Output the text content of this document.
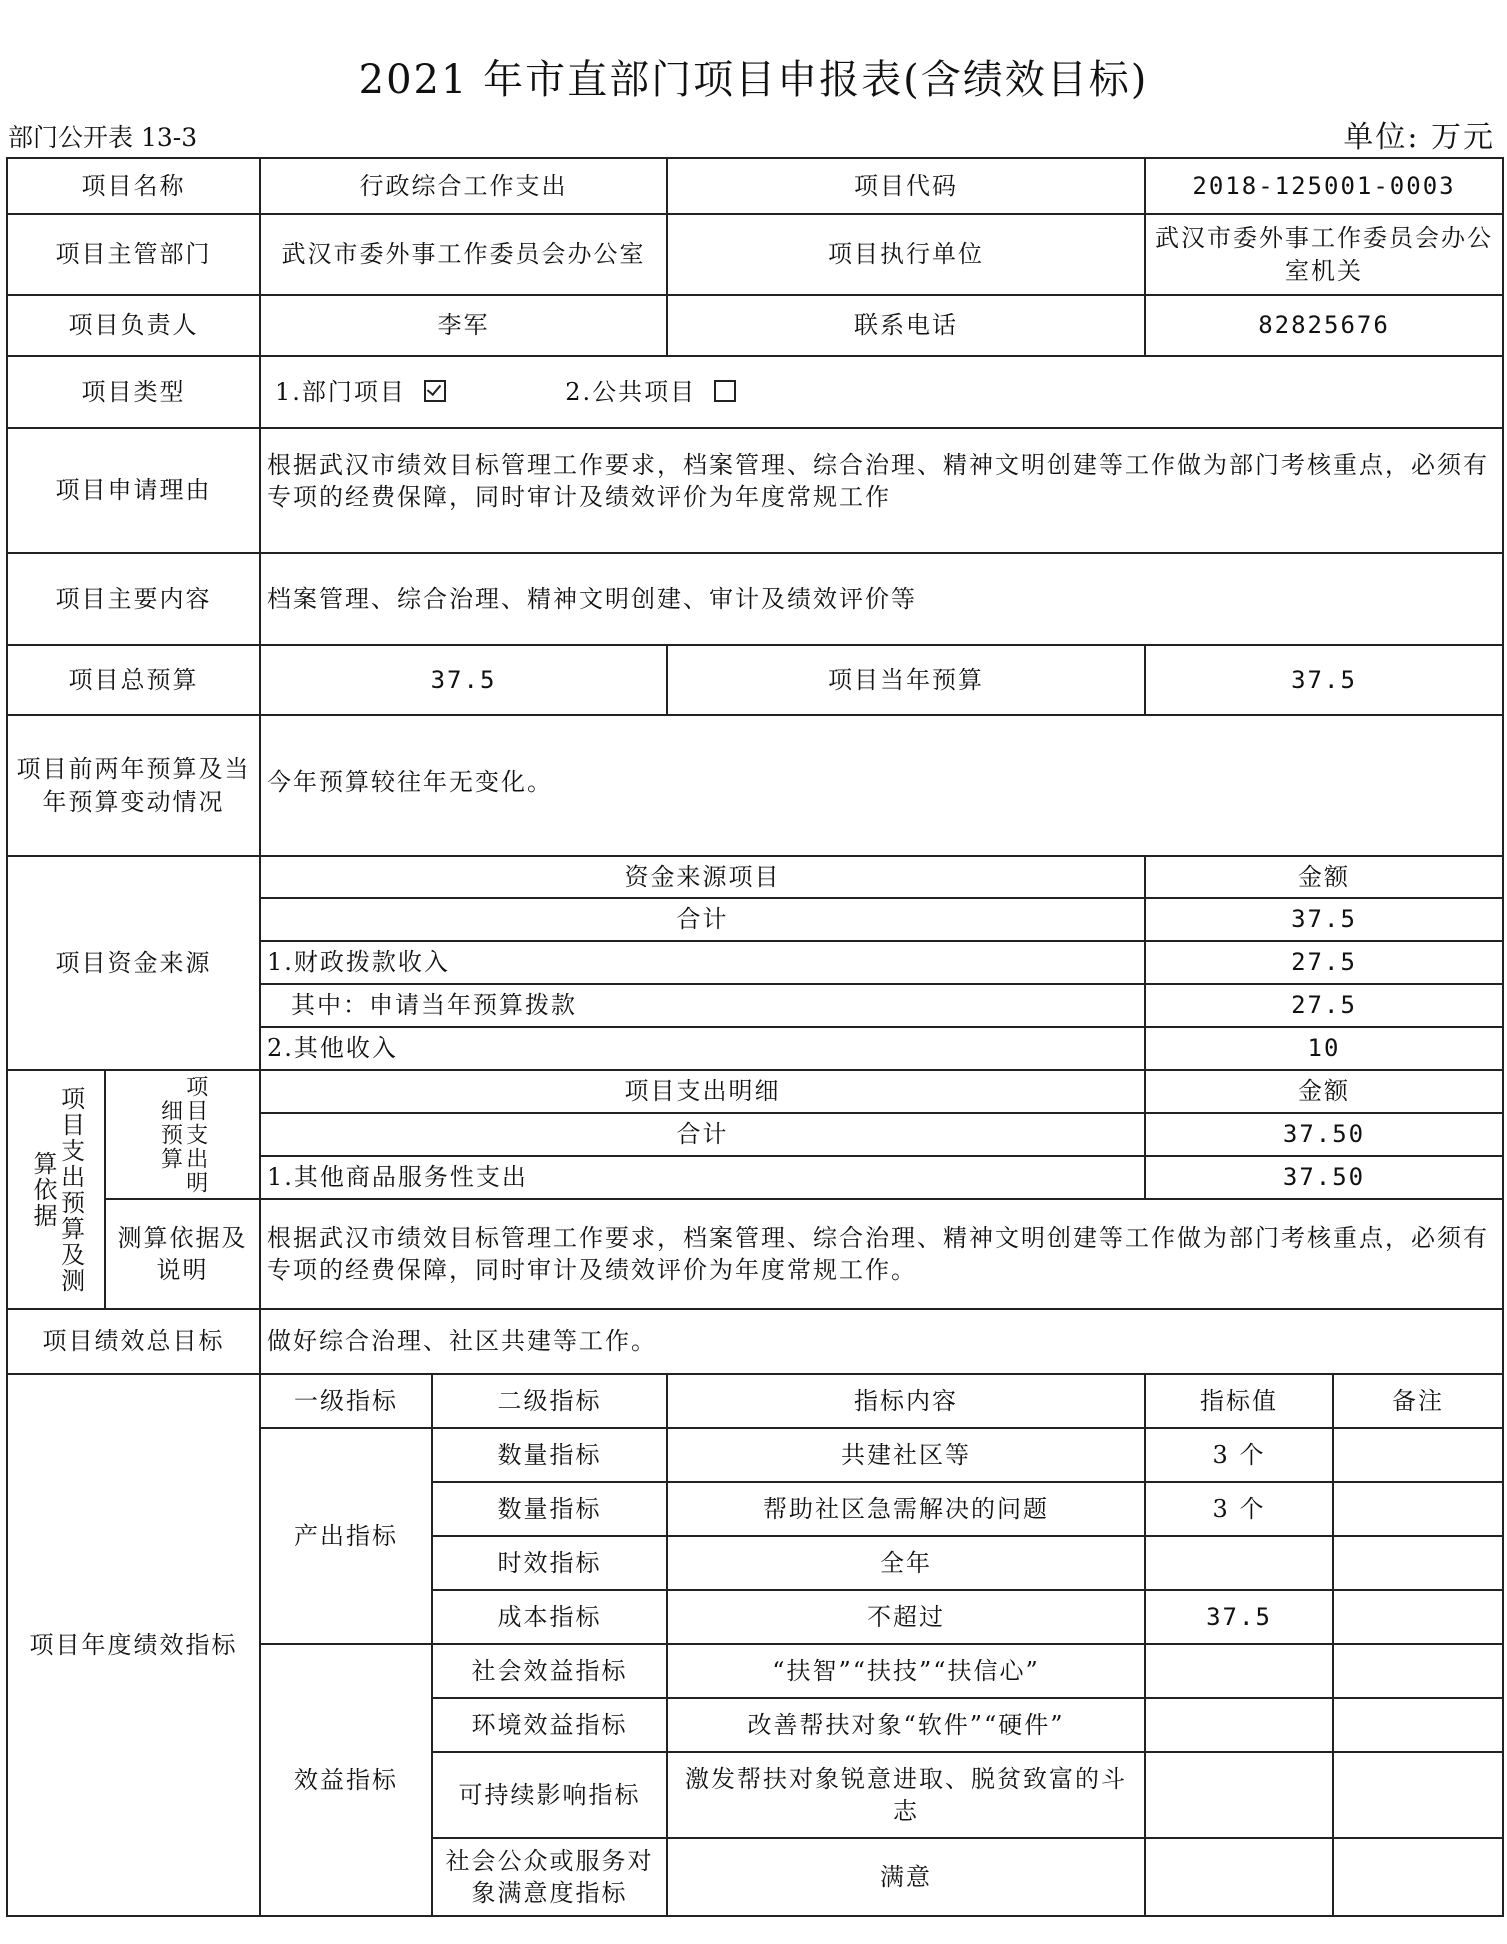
2021 年市直部门项目申报表(含绩效目标)
部门公开表 13-3	单位: 万元
项目名称		行政综合工作支出		项目代码	2018-125001-0003	
项目主管部门		武汉市委外事工作委员会办公室		项目执行单位	武汉市委外事工作委员会办公室机关	
项目负责人		李军		联系电话	82825676	
项目类型		1.部门项目 2.公共项目				
项目申请理由		根据武汉市绩效目标管理工作要求，档案管理、综合治理、精神文明创建等工作做为部门考核重点，必须有专项的经费保障，同时审计及绩效评价为年度常规工作				
项目主要内容		档案管理、综合治理、精神文明创建、审计及绩效评价等				
项目总预算		37.5		项目当年预算	37.5	
项目前两年预算及当年预算变动情况		今年预算较往年无变化。				
项目资金来源		资金来源项目			金额	
		合计			37.5	
		1.财政拨款收入			27.5	
		其中：申请当年预算拨款			27.5	
		2.其他收入			10	

项目支出预算及测算依据	项目支出明细预算	项目支出明细			金额	
		合计			37.50	
		1.其他商品服务性支出			37.50	
	测算依据及说明	根据武汉市绩效目标管理工作要求，档案管理、综合治理、精神文明创建等工作做为部门考核重点，必须有专项的经费保障，同时审计及绩效评价为年度常规工作。				
项目绩效总目标		做好综合治理、社区共建等工作。				
项目年度绩效指标		一级指标	二级指标	指标内容	指标值	备注
		产出指标	数量指标	共建社区等	3 个	
			数量指标	帮助社区急需解决的问题	3 个	
			时效指标	全年		
			成本指标	不超过	37.5	
		效益指标	社会效益指标	“扶智”“扶技”“扶信心”		
			环境效益指标	改善帮扶对象“软件”“硬件”		
			可持续影响指标	激发帮扶对象锐意进取、脱贫致富的斗志		
			社会公众或服务对象满意度指标	满意		
